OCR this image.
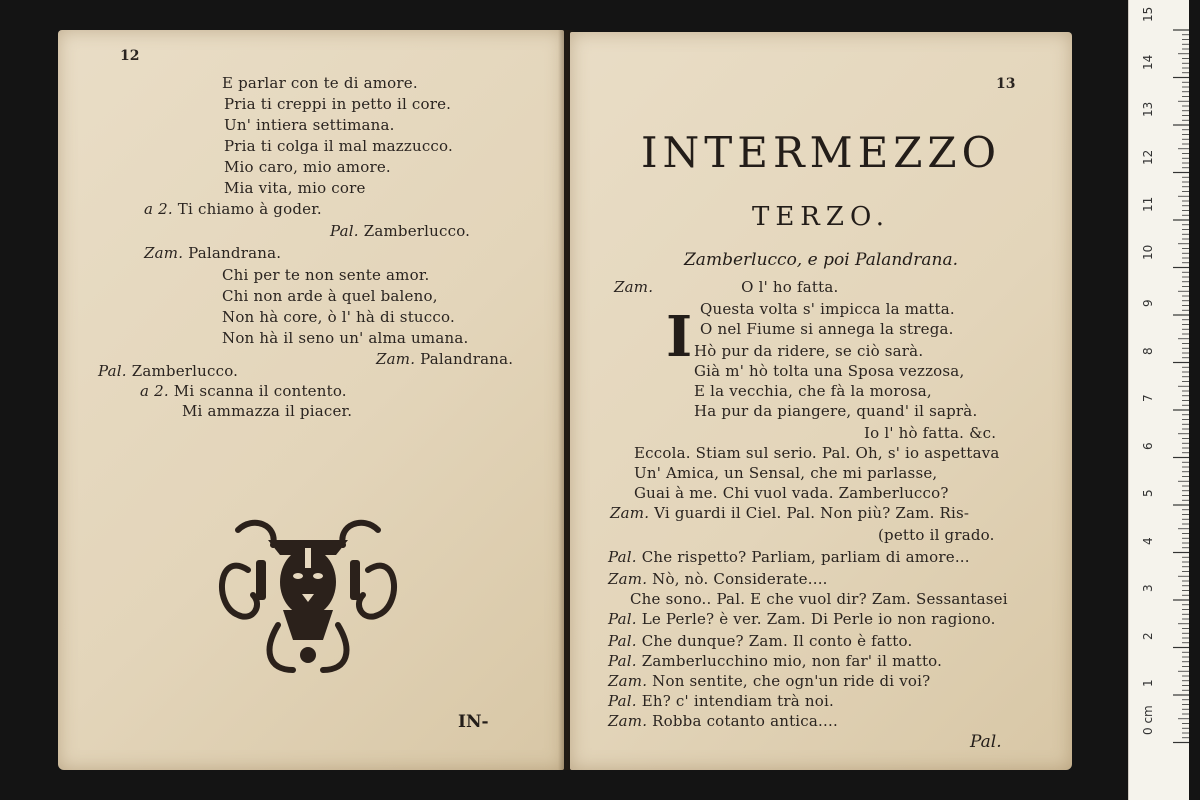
12
E parlar con te di amore.
Pria ti creppi in petto il core.
Un' intiera settimana.
Pria ti colga il mal mazzucco.
Mio caro, mio amore.
Mia vita, mio core
a 2. Ti chiamo à goder.
Pal. Zamberlucco.
Zam. Palandrana.
Chi per te non sente amor.
Chi non arde à quel baleno,
Non hà core, ò l' hà di stucco.
Non hà il seno un' alma umana.
Zam. Palandrana.
Pal. Zamberlucco.
a 2. Mi scanna il contento.
Mi ammazza il piacer.
IN-
13
INTERMEZZO
TERZO.
Zamberlucco, e poi Palandrana.
I
Zam.	O l' ho fatta.
Questa volta s' impicca la matta.
O nel Fiume si annega la strega.
Hò pur da ridere, se ciò sarà.
Già m' hò tolta una Sposa vezzosa,
E la vecchia, che fà la morosa,
Ha pur da piangere, quand' il saprà.
Io l' hò fatta. &c.
Eccola. Stiam sul serio. Pal. Oh, s' io aspettava
Un' Amica, un Sensal, che mi parlasse,
Guai à me. Chi vuol vada. Zamberlucco?
Zam. Vi guardi il Ciel. Pal. Non più? Zam. Ris-
(petto il grado.
Pal. Che rispetto? Parliam, parliam di amore...
Zam. Nò, nò. Considerate....
Che sono.. Pal. E che vuol dir? Zam. Sessantasei
Pal. Le Perle? è ver. Zam. Di Perle io non ragiono.
Pal. Che dunque? Zam. Il conto è fatto.
Pal. Zamberlucchino mio, non far' il matto.
Zam. Non sentite, che ogn'un ride di voi?
Pal. Eh? c' intendiam trà noi.
Zam. Robba cotanto antica....
Pal.
15
14
13
12
11
10
9
8
7
6
5
4
3
2
1
0 cm
